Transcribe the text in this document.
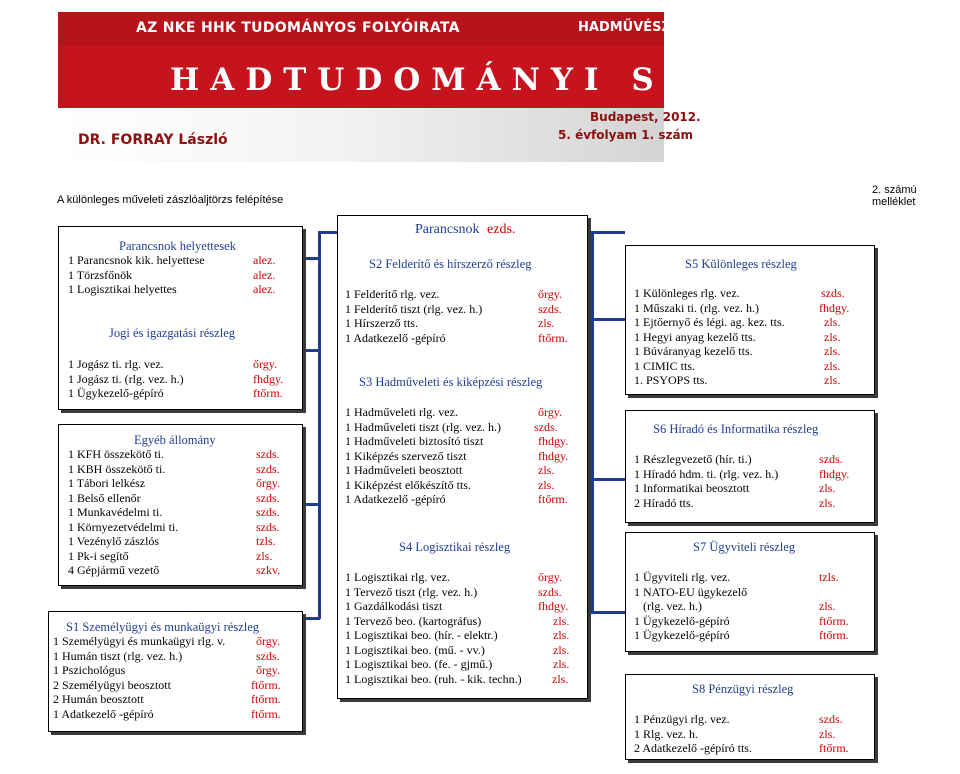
AZ NKE HHK TUDOMÁNYOS FOLYÓIRATA	HADMŰVÉSZET
HADTUDOMÁNYI SZEMLE
DR. FORRAY László
Budapest, 2012.
5. évfolyam 1. szám
A különleges műveleti zászlóaljtörzs felépítése
2. számú melléklet
Parancsnok helyettesek
1 Parancsnok kik. helyettese	alez.
1 Törzsfőnök	alez.
1 Logisztikai helyettes	alez.
Jogi és igazgatási részleg
1 Jogász ti. rlg. vez.	őrgy.
1 Jogász ti. (rlg. vez. h.)	fhdgy.
1 Ügykezelő-gépíró	ftőrm.
Egyéb állomány
1 KFH összekötő ti.	szds.
1 KBH összekötő ti.	szds.
1 Tábori lelkész	őrgy.
1 Belső ellenőr	szds.
1 Munkavédelmi ti.	szds.
1 Környezetvédelmi ti.	szds.
1 Vezénylő zászlós	tzls.
1 Pk-i segítő	zls.
4 Gépjármű vezető	szkv.
S1 Személyügyi és munkaügyi részleg
1 Személyügyi és munkaügyi rlg. v.	őrgy.
1 Humán tiszt (rlg. vez. h.)	szds.
1 Pszichológus	őrgy.
2 Személyügyi beosztott	ftőrm.
2 Humán beosztott	ftőrm.
1 Adatkezelő -gépíró	ftőrm.
Parancsnok ezds.
S2 Felderítő és hírszerző részleg
1 Felderítő rlg. vez.	őrgy.
1 Felderítő tiszt (rlg. vez. h.)	szds.
1 Hírszerző tts.	zls.
1 Adatkezelő -gépíró	ftőrm.
S3 Hadműveleti és kiképzési részleg
1 Hadműveleti rlg. vez.	őrgy.
1 Hadműveleti tiszt (rlg. vez. h.)	szds.
1 Hadműveleti biztosító tiszt	fhdgy.
1 Kiképzés szervező tiszt	fhdgy.
1 Hadműveleti beosztott	zls.
1 Kiképzést előkészítő tts.	zls.
1 Adatkezelő -gépíró	ftőrm.
S4 Logisztikai részleg
1 Logisztikai rlg. vez.	őrgy.
1 Tervező tiszt (rlg. vez. h.)	szds.
1 Gazdálkodási tiszt	fhdgy.
1 Tervező beo. (kartográfus)	zls.
1 Logisztikai beo. (hír. - elektr.)	zls.
1 Logisztikai beo. (mű. - vv.)	zls.
1 Logisztikai beo. (fe. - gjmű.)	zls.
1 Logisztikai beo. (ruh. - kik. techn.)	zls.
S5 Különleges részleg
1 Különleges rlg. vez.	szds.
1 Műszaki ti. (rlg. vez. h.)	fhdgy.
1 Ejtőernyő és légi. ag. kez. tts.	zls.
1 Hegyi anyag kezelő tts.	zls.
1 Búváranyag kezelő tts.	zls.
1 CIMIC tts.	zls.
1. PSYOPS tts.	zls.
S6 Híradó és Informatika részleg
1 Részlegvezető (hír. ti.)	szds.
1 Híradó hdm. ti. (rlg. vez. h.)	fhdgy.
1 Informatikai beosztott	zls.
2 Híradó tts.	zls.
S7 Ügyviteli részleg
1 Ügyviteli rlg. vez.	tzls.
1 NATO-EU ügykezelő
(rlg. vez. h.)	zls.
1 Ügykezelő-gépíró	ftőrm.
1 Ügykezelő-gépíró	ftőrm.
S8 Pénzügyi részleg
1 Pénzügyi rlg. vez.	szds.
1 Rlg. vez. h.	zls.
2 Adatkezelő -gépíró tts.	ftőrm.
